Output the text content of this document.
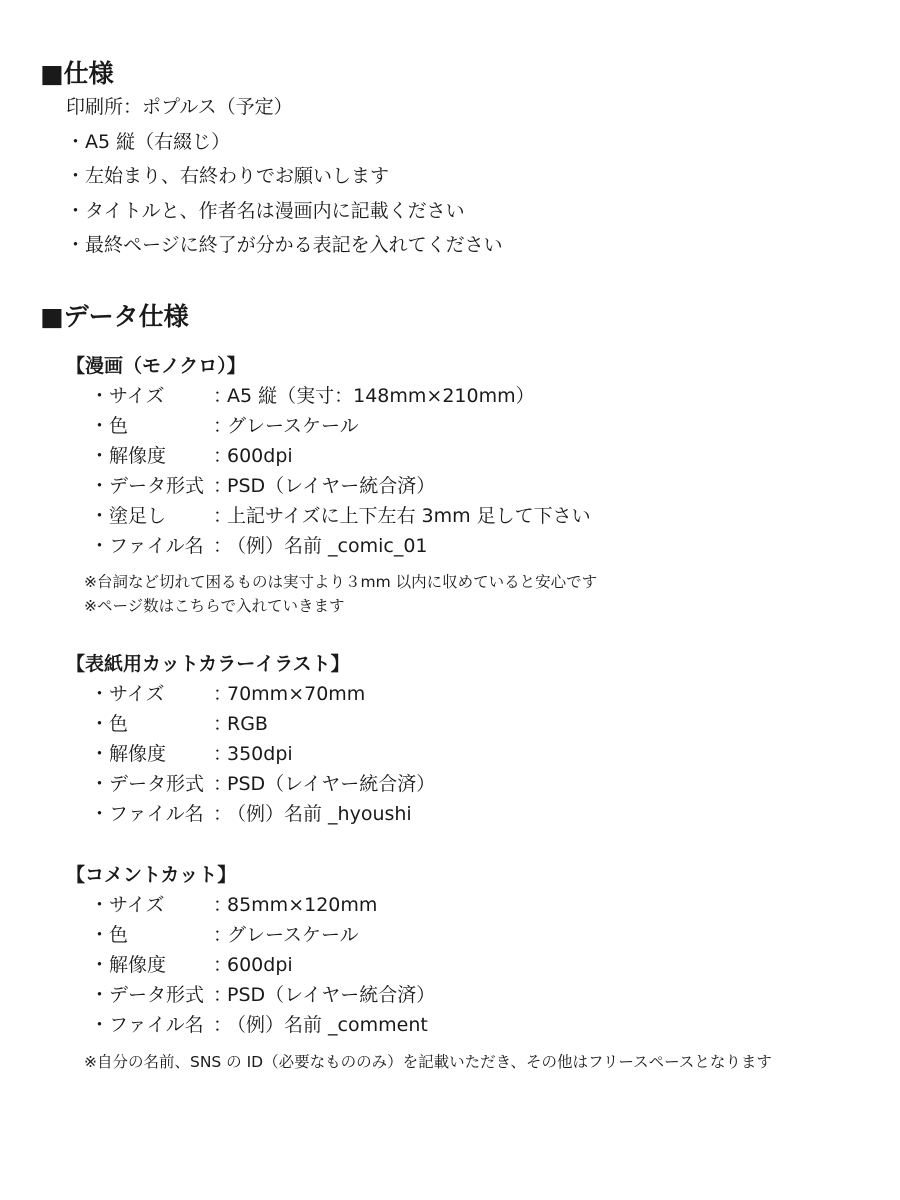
■仕様
印刷所：ポプルス（予定）
・A5 縦（右綴じ）
・左始まり、右終わりでお願いします
・タイトルと、作者名は漫画内に記載ください
・最終ページに終了が分かる表記を入れてください
■データ仕様
【漫画（モノクロ）】
・サイズ	：A5 縦（実寸：148mm×210mm）
・色	：グレースケール
・解像度 ：600dpi
・データ形式 ：PSD（レイヤー統合済）
・塗足し ：上記サイズに上下左右 3mm 足して下さい
・ファイル名 ：（例）名前 _comic_01
※台詞など切れて困るものは実寸より３mm 以内に収めていると安心です
※ページ数はこちらで入れていきます
【表紙用カットカラーイラスト】
・サイズ	：70mm×70mm
・色	：RGB
・解像度 ：350dpi
・データ形式 ：PSD（レイヤー統合済）
・ファイル名 ：（例）名前 _hyoushi
【コメントカット】
・サイズ	：85mm×120mm
・色	：グレースケール
・解像度 ：600dpi
・データ形式 ：PSD（レイヤー統合済）
・ファイル名 ：（例）名前 _comment
※自分の名前、SNS の ID（必要なもののみ）を記載いただき、その他はフリースペースとなります
